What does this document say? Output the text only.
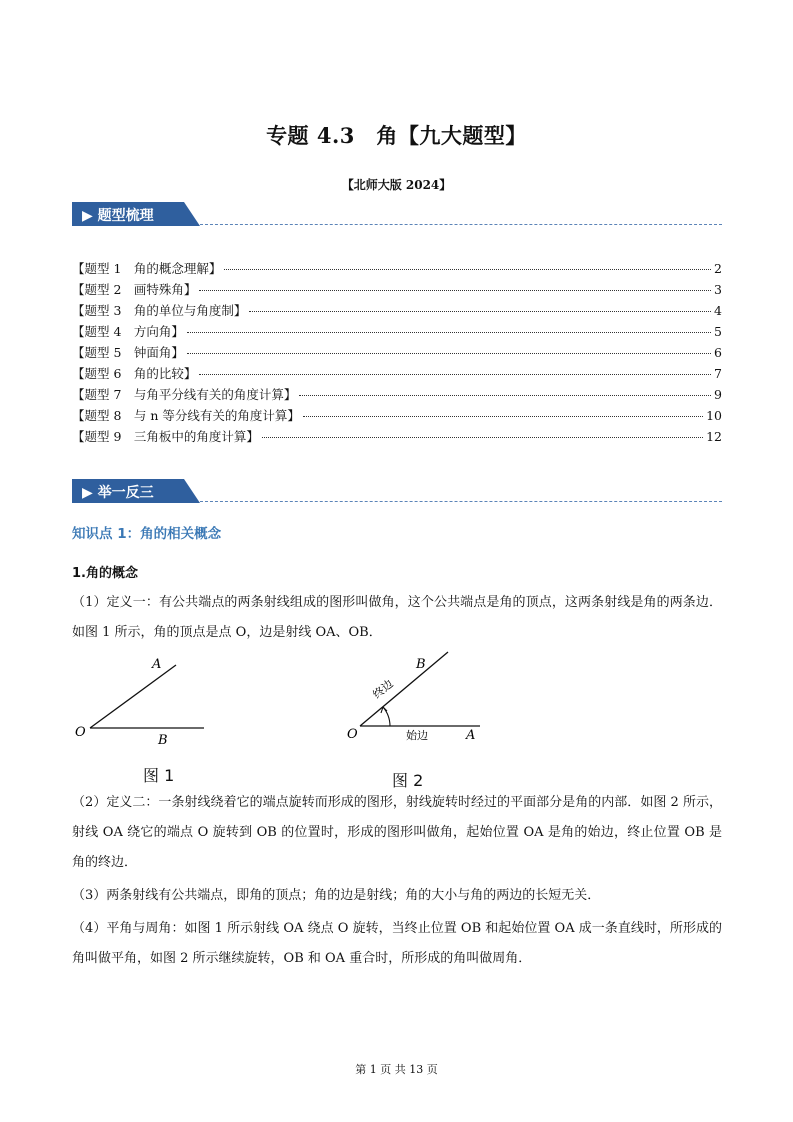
专题 4.3　角【九大题型】
【北师大版 2024】
▶ 题型梳理
【题型 1　角的概念理解】	2
【题型 2　画特殊角】	3
【题型 3　角的单位与角度制】	4
【题型 4　方向角】	5
【题型 5　钟面角】	6
【题型 6　角的比较】	7
【题型 7　与角平分线有关的角度计算】	9
【题型 8　与 n 等分线有关的角度计算】	10
【题型 9　三角板中的角度计算】	12
▶ 举一反三
知识点 1：角的相关概念
1.角的概念
（1）定义一：有公共端点的两条射线组成的图形叫做角，这个公共端点是角的顶点，这两条射线是角的两条边．如图 1 所示，角的顶点是点 O，边是射线 OA、OB．
A
O
B
图 1
B
O	A
终边
始边
图 2
（2）定义二：一条射线绕着它的端点旋转而形成的图形，射线旋转时经过的平面部分是角的内部．如图 2 所示，射线 OA 绕它的端点 O 旋转到 OB 的位置时，形成的图形叫做角，起始位置 OA 是角的始边，终止位置 OB 是角的终边．
（3）两条射线有公共端点，即角的顶点；角的边是射线；角的大小与角的两边的长短无关．
（4）平角与周角：如图 1 所示射线 OA 绕点 O 旋转，当终止位置 OB 和起始位置 OA 成一条直线时，所形成的角叫做平角，如图 2 所示继续旋转，OB 和 OA 重合时，所形成的角叫做周角．
第 1 页 共 13 页
